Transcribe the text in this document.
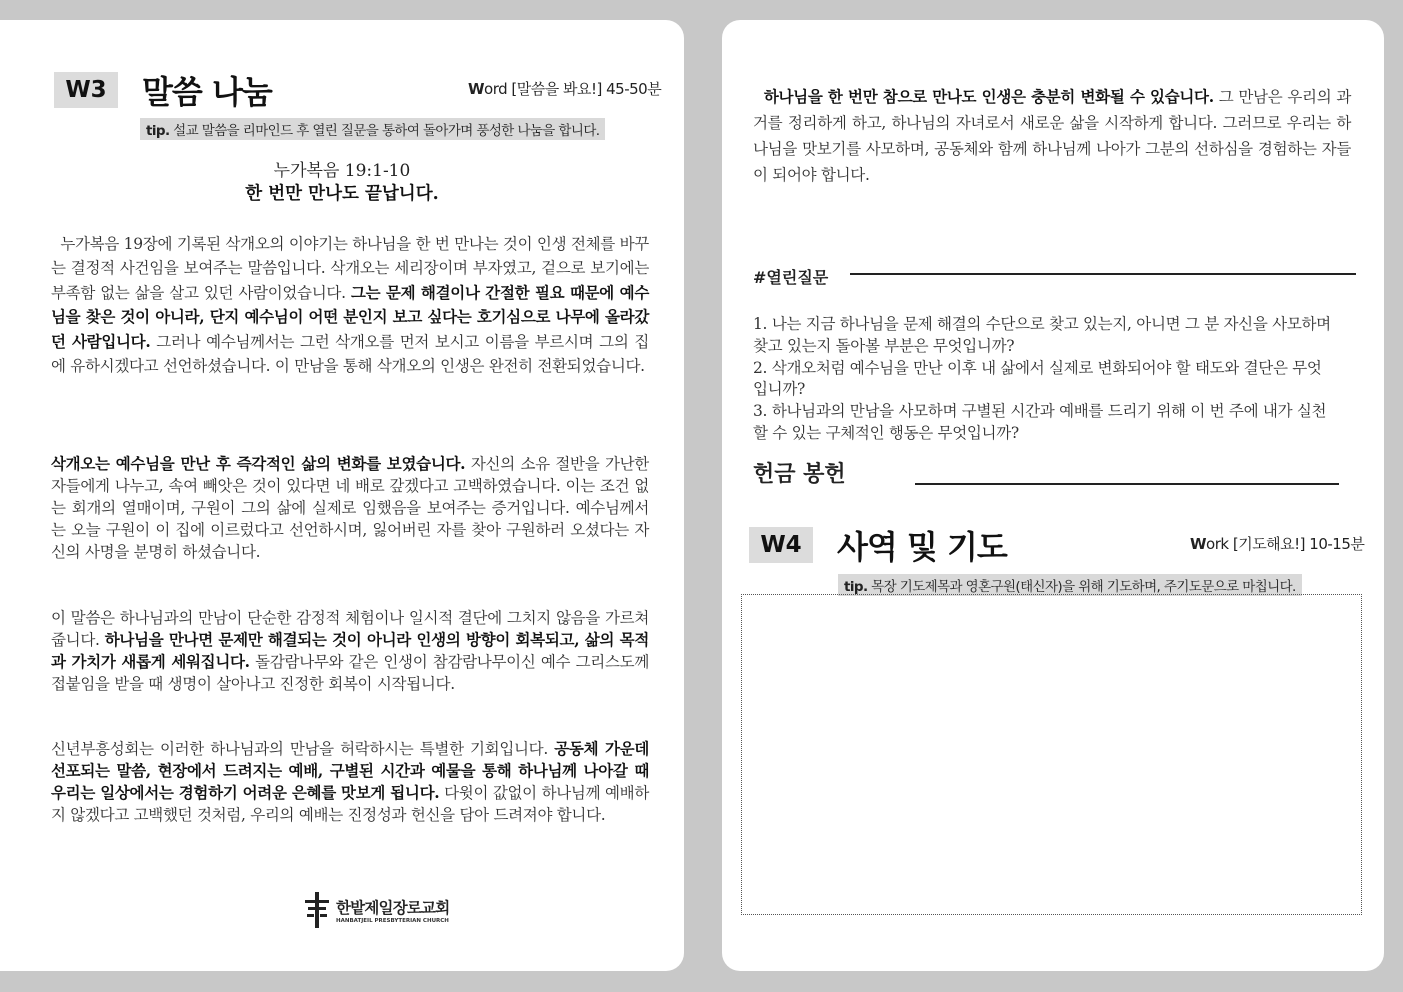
W3	말씀 나눔	Word [말씀을 봐요!] 45-50분
tip. 설교 말씀을 리마인드 후 열린 질문을 통하여 돌아가며 풍성한 나눔을 합니다.
누가복음 19:1-10
한 번만 만나도 끝납니다.
누가복음 19장에 기록된 삭개오의 이야기는 하나님을 한 번 만나는 것이 인생 전체를 바꾸는 결정적 사건임을 보여주는 말씀입니다. 삭개오는 세리장이며 부자였고, 겉으로 보기에는 부족함 없는 삶을 살고 있던 사람이었습니다. 그는 문제 해결이나 간절한 필요 때문에 예수님을 찾은 것이 아니라, 단지 예수님이 어떤 분인지 보고 싶다는 호기심으로 나무에 올라갔던 사람입니다. 그러나 예수님께서는 그런 삭개오를 먼저 보시고 이름을 부르시며 그의 집에 유하시겠다고 선언하셨습니다. 이 만남을 통해 삭개오의 인생은 완전히 전환되었습니다.
삭개오는 예수님을 만난 후 즉각적인 삶의 변화를 보였습니다. 자신의 소유 절반을 가난한 자들에게 나누고, 속여 빼앗은 것이 있다면 네 배로 갚겠다고 고백하였습니다. 이는 조건 없는 회개의 열매이며, 구원이 그의 삶에 실제로 임했음을 보여주는 증거입니다. 예수님께서는 오늘 구원이 이 집에 이르렀다고 선언하시며, 잃어버린 자를 찾아 구원하러 오셨다는 자신의 사명을 분명히 하셨습니다.
이 말씀은 하나님과의 만남이 단순한 감정적 체험이나 일시적 결단에 그치지 않음을 가르쳐 줍니다. 하나님을 만나면 문제만 해결되는 것이 아니라 인생의 방향이 회복되고, 삶의 목적과 가치가 새롭게 세워집니다. 돌감람나무와 같은 인생이 참감람나무이신 예수 그리스도께 접붙임을 받을 때 생명이 살아나고 진정한 회복이 시작됩니다.
신년부흥성회는 이러한 하나님과의 만남을 허락하시는 특별한 기회입니다. 공동체 가운데 선포되는 말씀, 현장에서 드려지는 예배, 구별된 시간과 예물을 통해 하나님께 나아갈 때 우리는 일상에서는 경험하기 어려운 은혜를 맛보게 됩니다. 다윗이 값없이 하나님께 예배하지 않겠다고 고백했던 것처럼, 우리의 예배는 진정성과 헌신을 담아 드려져야 합니다.
한밭제일장로교회
HANBATJEIL PRESBYTERIAN CHURCH
하나님을 한 번만 참으로 만나도 인생은 충분히 변화될 수 있습니다. 그 만남은 우리의 과거를 정리하게 하고, 하나님의 자녀로서 새로운 삶을 시작하게 합니다. 그러므로 우리는 하나님을 맛보기를 사모하며, 공동체와 함께 하나님께 나아가 그분의 선하심을 경험하는 자들이 되어야 합니다.
#열린질문
1. 나는 지금 하나님을 문제 해결의 수단으로 찾고 있는지, 아니면 그 분 자신을 사모하며 찾고 있는지 돌아볼 부분은 무엇입니까?
2. 삭개오처럼 예수님을 만난 이후 내 삶에서 실제로 변화되어야 할 태도와 결단은 무엇입니까?
3. 하나님과의 만남을 사모하며 구별된 시간과 예배를 드리기 위해 이 번 주에 내가 실천할 수 있는 구체적인 행동은 무엇입니까?
헌금 봉헌
W4	사역 및 기도	Work [기도해요!] 10-15분
tip. 목장 기도제목과 영혼구원(태신자)을 위해 기도하며, 주기도문으로 마칩니다.
